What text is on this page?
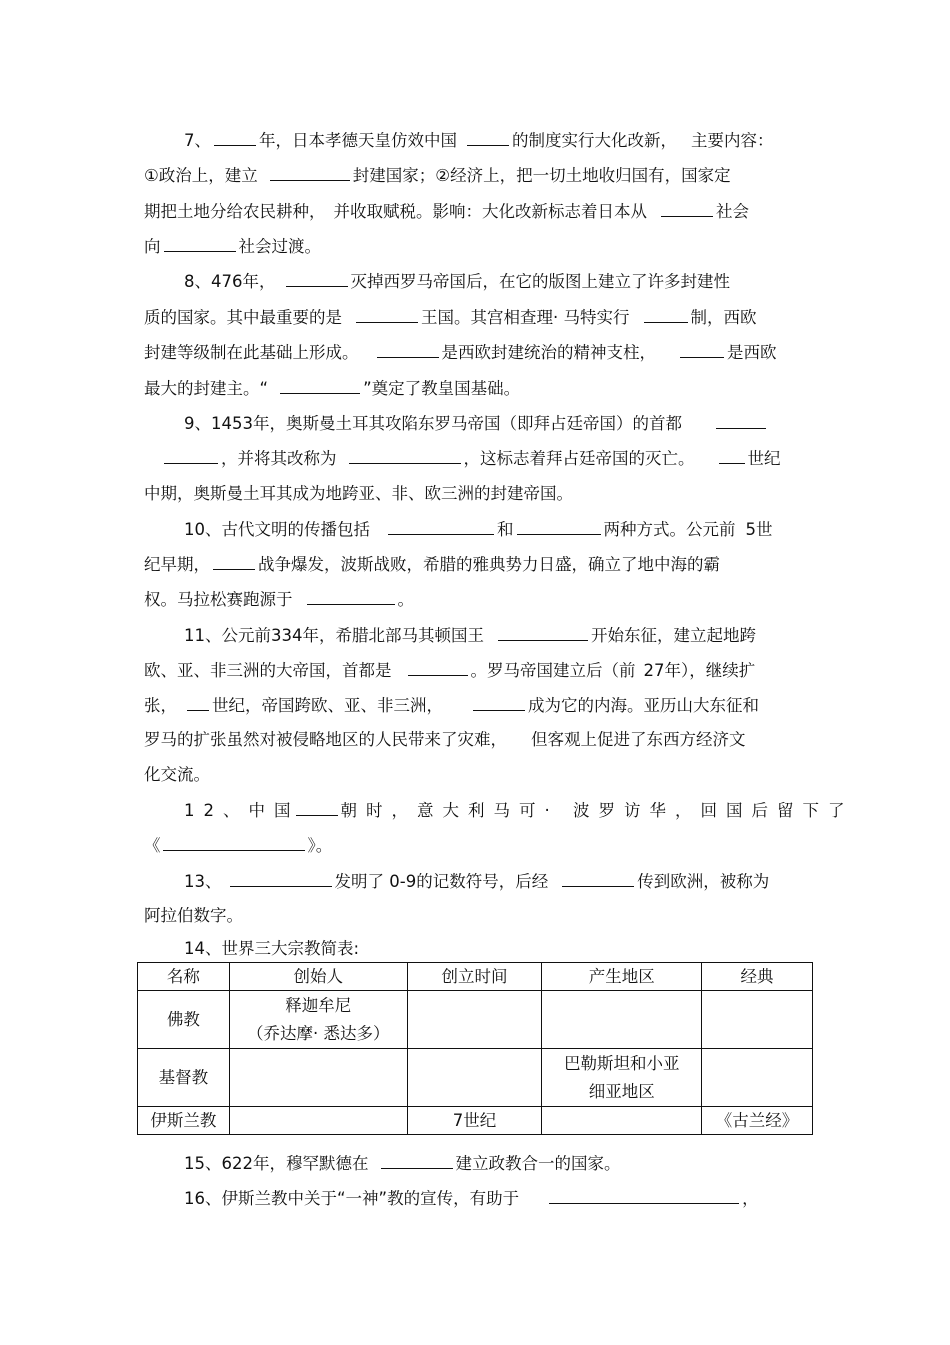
7、	年，日本孝德天皇仿效中国	的制度实行大化改新， 主要内容：
①政治上，建立	封建国家；②经济上，把一切土地收归国有，国家定
期把土地分给农民耕种， 并收取赋税。影响：大化改新标志着日本从	社会
向	社会过渡。
8、476年，	灭掉西罗马帝国后，在它的版图上建立了许多封建性
质的国家。其中最重要的是	王国。其宫相查理· 马特实行	制，西欧
封建等级制在此基础上形成。	是西欧封建统治的精神支柱，	是西欧
最大的封建主。“	”奠定了教皇国基础。
9、1453年，奥斯曼土耳其攻陷东罗马帝国（即拜占廷帝国）的首都
，并将其改称为	，这标志着拜占廷帝国的灭亡。	世纪
中期，奥斯曼土耳其成为地跨亚、非、欧三洲的封建帝国。
10、古代文明的传播包括	和	两种方式。公元前 5世
纪早期，	战争爆发，波斯战败，希腊的雅典势力日盛，确立了地中海的霸
权。马拉松赛跑源于	。
11、公元前334年，希腊北部马其顿国王	开始东征，建立起地跨
欧、亚、非三洲的大帝国，首都是	。罗马帝国建立后（前 27年），继续扩
张， 世纪，帝国跨欧、亚、非三洲，	成为它的内海。亚历山大东征和
罗马的扩张虽然对被侵略地区的人民带来了灾难， 但客观上促进了东西方经济文
化交流。
12、中国 朝时，意大利马可· 波罗访华，回国后留下了
《	》。
13、	发明了 0-9的记数符号，后经	传到欧洲，被称为
阿拉伯数字。
14、世界三大宗教简表:
名称	创始人	创立时间	产生地区	经典
佛教	释迦牟尼
（乔达摩· 悉达多）			

基督教			巴勒斯坦和小亚
细亚地区	

伊斯兰教		7世纪		《古兰经》
15、622年，穆罕默德在	建立政教合一的国家。
16、伊斯兰教中关于“一神”教的宣传，有助于	，
